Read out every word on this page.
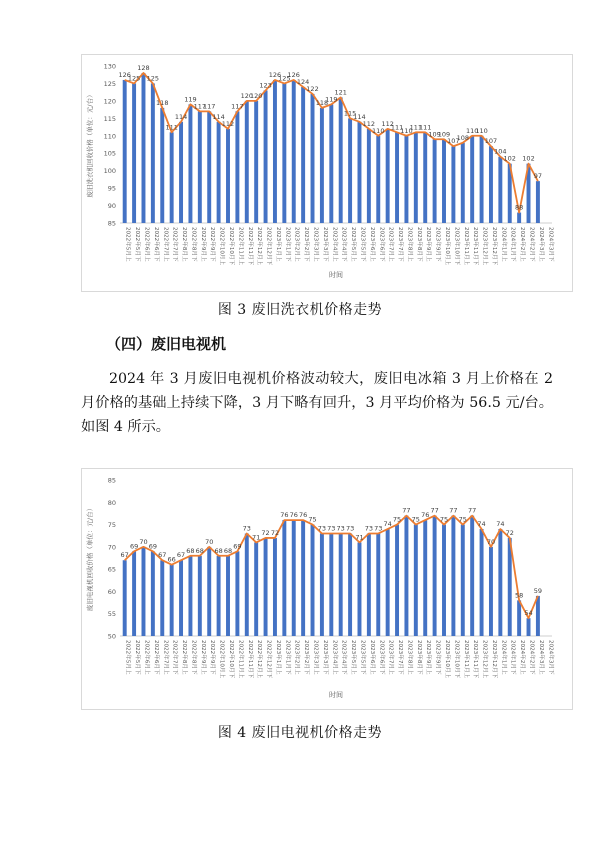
85
90
95
100
105
110
115
120
125
130
126
125
128
125
118
111
114
119
117
117
114
112
117
120
120
123
126
125
126
124
122
118
119
121
115
114
112
110
112
111
110
111
111
109
109
107
108
110
110
107
104
102
88
102
97
2022年5月上 2022年5月下 2022年6月上 2022年6月下 2022年7月上 2022年7月下 2022年8月上 2022年8月下 2022年9月上 2022年9月下 2022年10月上 2022年10月下 2022年11月上 2022年11月下 2022年12月上 2022年12月下 2023年1月上 2023年1月下 2023年2月上 2023年2月下 2023年3月上 2023年3月下 2023年4月上 2023年4月下 2023年5月上 2023年5月下 2023年6月上 2023年6月下 2023年7月上 2023年7月下 2023年8月上 2023年8月下 2023年9月上 2023年9月下 2023年10月上 2023年10月下 2023年11月上 2023年11月下 2023年12月上 2023年12月下 2024年1月上 2024年1月下 2024年2月上 2024年2月下 2024年3月上 2024年3月下
时间
废旧洗衣机回收价格（单位：元/台）
图 3 废旧洗衣机价格走势
（四）废旧电视机
2024 年 3 月废旧电视机价格波动较大，废旧电冰箱 3 月上价格在 2 月价格的基础上持续下降，3 月下略有回升，3 月平均价格为 56.5 元/台。如图 4 所示。
50
55
60
65
70
75
80
85
67
69
70
69
67
66
67
68 68
70
68 68
69
73
71
72 72
76 76 76
75
73 73 73 73
71
73 73
74
75
77
75
76
77
75
77
75
77
74
70
74
72
58
54
59
2022年5月上 2022年5月下 2022年6月上 2022年6月下 2022年7月上 2022年7月下 2022年8月上 2022年8月下 2022年9月上 2022年9月下 2022年10月上 2022年10月下 2022年11月上 2022年11月下 2022年12月上 2022年12月下 2023年1月上 2023年1月下 2023年2月上 2023年2月下 2023年3月上 2023年3月下 2023年4月上 2023年4月下 2023年5月上 2023年5月下 2023年6月上 2023年6月下 2023年7月上 2023年7月下 2023年8月上 2023年8月下 2023年9月上 2023年9月下 2023年10月上 2023年10月下 2023年11月上 2023年11月下 2023年12月上 2023年12月下 2024年1月上 2024年1月下 2024年2月上 2024年2月下 2024年3月上 2024年3月下
时间
废旧电视机回收价格（单位：元/台）
图 4 废旧电视机价格走势
